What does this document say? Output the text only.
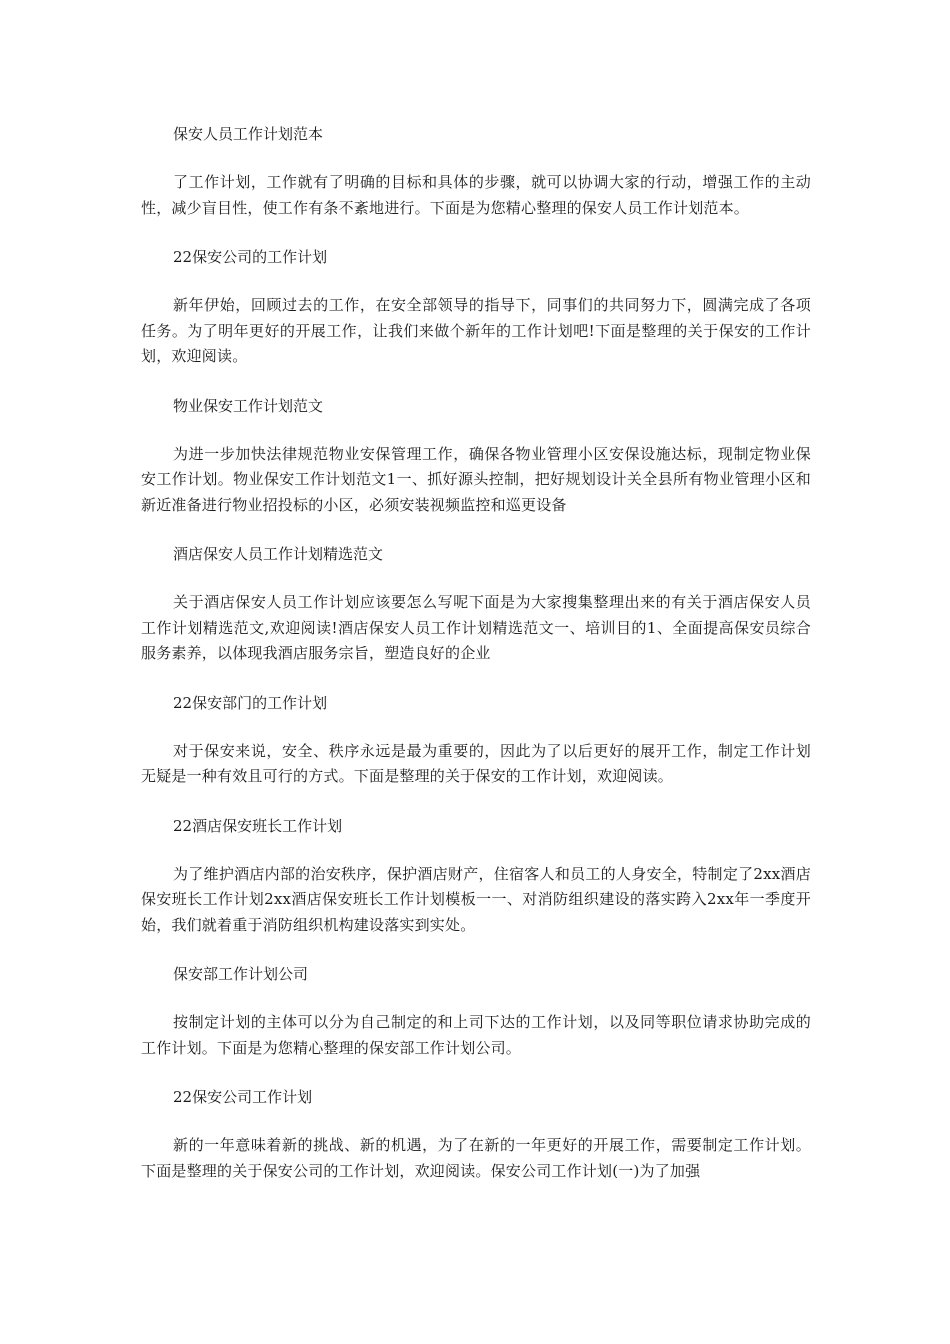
保安人员工作计划范本

了工作计划，工作就有了明确的目标和具体的步骤，就可以协调大家的行动，增强工作的主动性，减少盲目性，使工作有条不紊地进行。下面是为您精心整理的保安人员工作计划范本。

22保安公司的工作计划

新年伊始，回顾过去的工作，在安全部领导的指导下，同事们的共同努力下，圆满完成了各项任务。为了明年更好的开展工作，让我们来做个新年的工作计划吧!下面是整理的关于保安的工作计划，欢迎阅读。

物业保安工作计划范文

为进一步加快法律规范物业安保管理工作，确保各物业管理小区安保设施达标，现制定物业保安工作计划。物业保安工作计划范文1一、抓好源头控制，把好规划设计关全县所有物业管理小区和新近准备进行物业招投标的小区，必须安装视频监控和巡更设备

酒店保安人员工作计划精选范文

关于酒店保安人员工作计划应该要怎么写呢下面是为大家搜集整理出来的有关于酒店保安人员工作计划精选范文,欢迎阅读!酒店保安人员工作计划精选范文一、培训目的1、全面提高保安员综合服务素养，以体现我酒店服务宗旨，塑造良好的企业

22保安部门的工作计划

对于保安来说，安全、秩序永远是最为重要的，因此为了以后更好的展开工作，制定工作计划无疑是一种有效且可行的方式。下面是整理的关于保安的工作计划，欢迎阅读。

22酒店保安班长工作计划

为了维护酒店内部的治安秩序，保护酒店财产，住宿客人和员工的人身安全，特制定了2xx酒店保安班长工作计划2xx酒店保安班长工作计划模板一一、对消防组织建设的落实跨入2xx年一季度开始，我们就着重于消防组织机构建设落实到实处。

保安部工作计划公司

按制定计划的主体可以分为自己制定的和上司下达的工作计划，以及同等职位请求协助完成的工作计划。下面是为您精心整理的保安部工作计划公司。

22保安公司工作计划

新的一年意味着新的挑战、新的机遇，为了在新的一年更好的开展工作，需要制定工作计划。下面是整理的关于保安公司的工作计划，欢迎阅读。保安公司工作计划(一)为了加强
